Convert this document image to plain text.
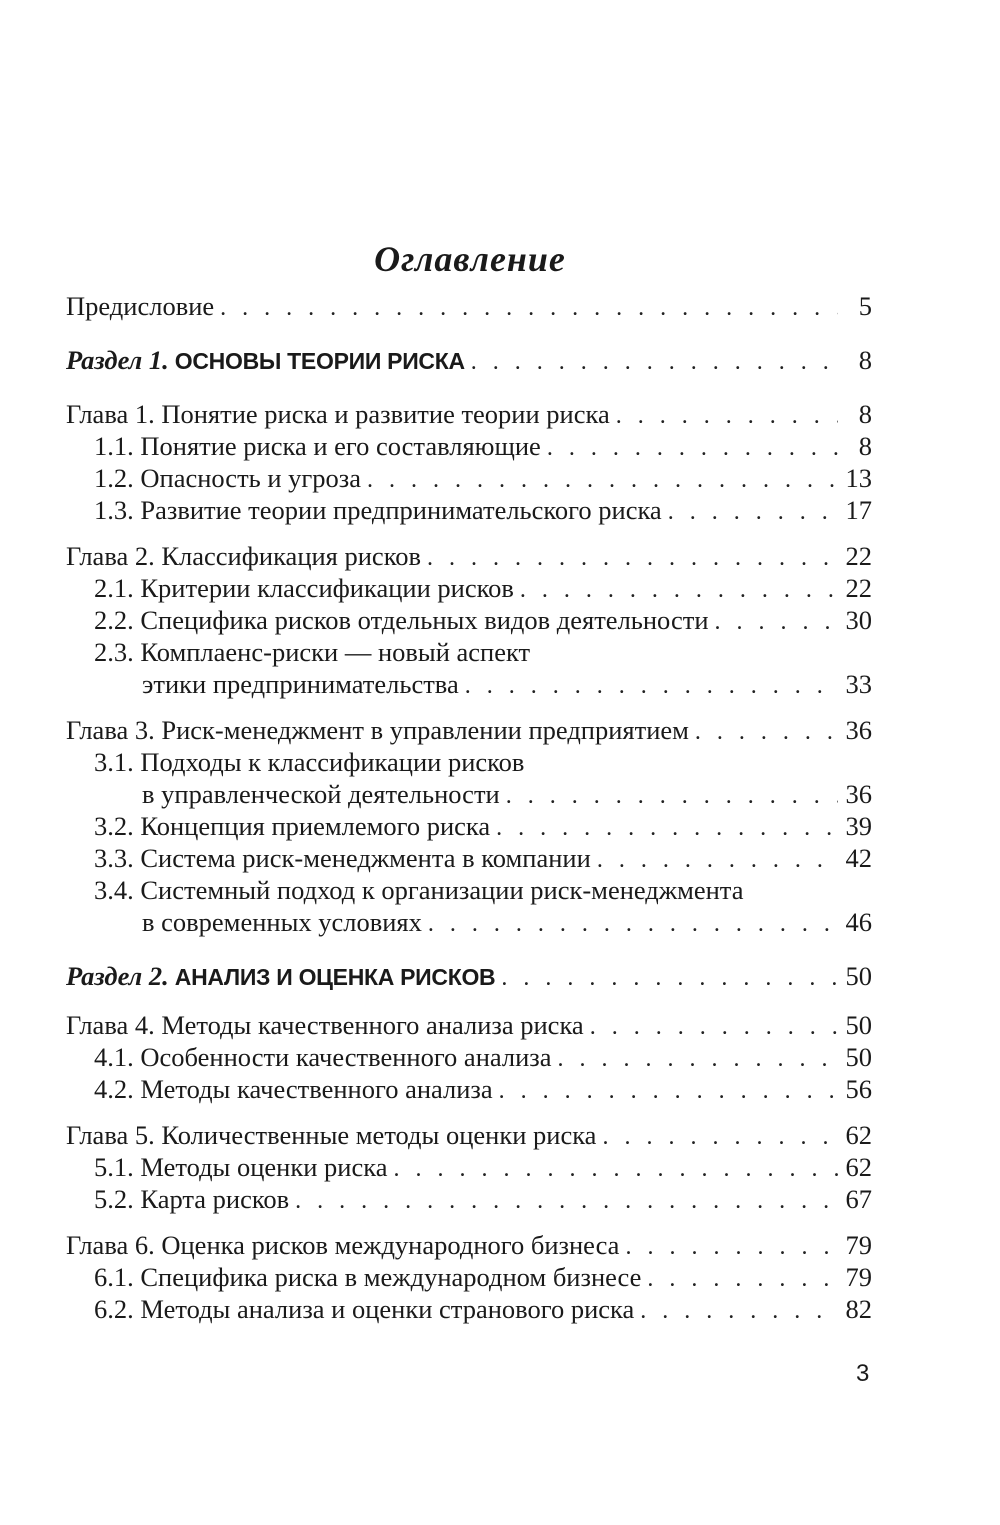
Оглавление
Предисловие . . .	5
Раздел 1. ОСНОВЫ ТЕОРИИ РИСКА . . .	8
Глава 1. Понятие риска и развитие теории риска . . .	8
1.1. Понятие риска и его составляющие . . .	8
1.2. Опасность и угроза . . .	13
1.3. Развитие теории предпринимательского риска . . .	17
Глава 2. Классификация рисков . . .	22
2.1. Критерии классификации рисков . . .	22
2.2. Специфика рисков отдельных видов деятельности . . .	30
2.3. Комплаенс-риски — новый аспект
этики предпринимательства . . .	33
Глава 3. Риск-менеджмент в управлении предприятием . . .	36
3.1. Подходы к классификации рисков
в управленческой деятельности . . .	36
3.2. Концепция приемлемого риска . . .	39
3.3. Система риск-менеджмента в компании . . .	42
3.4. Системный подход к организации риск-менеджмента
в современных условиях . . .	46
Раздел 2. АНАЛИЗ И ОЦЕНКА РИСКОВ . . .	50
Глава 4. Методы качественного анализа риска . . .	50
4.1. Особенности качественного анализа . . .	50
4.2. Методы качественного анализа . . .	56
Глава 5. Количественные методы оценки риска . . .	62
5.1. Методы оценки риска . . .	62
5.2. Карта рисков . . .	67
Глава 6. Оценка рисков международного бизнеса . . .	79
6.1. Специфика риска в международном бизнесе . . .	79
6.2. Методы анализа и оценки странового риска . . .	82
3
